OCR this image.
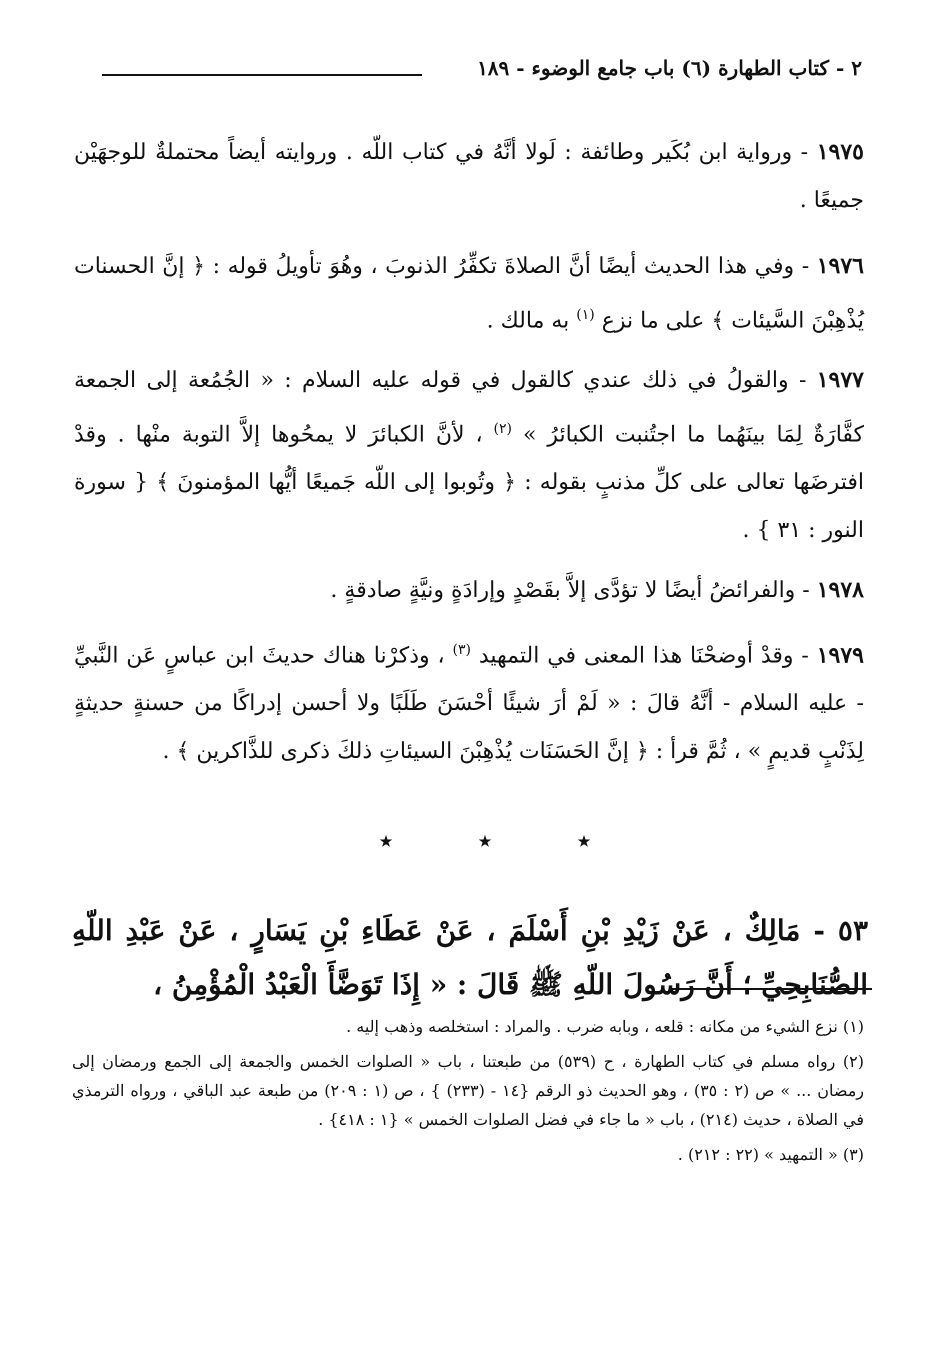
٢ - كتاب الطهارة (٦) باب جامع الوضوء - ١٨٩

١٩٧٥ - ورواية ابن بُكَير وطائفة : لَولا أنَّهُ في كتاب اللّه . وروايته أيضاً محتملةٌ للوجهَيْن جميعًا .

١٩٧٦ - وفي هذا الحديث أيضًا أنَّ الصلاةَ تكفِّرُ الذنوبَ ، وهُوَ تأويلُ قوله : ﴿ إنَّ الحسنات يُذْهِبْنَ السَّيئات ﴾ على ما نزع $^{(١)}$ به مالك .

١٩٧٧ - والقولُ في ذلك عندي كالقول في قوله عليه السلام : « الجُمُعة إلى الجمعة كفَّارَةٌ لِمَا بينَهُما ما اجتُنبت الكبائرُ » $^{(٢)}$ ، لأنَّ الكبائرَ لا يمحُوها إلاَّ التوبة منْها . وقدْ افترضَها تعالى على كلِّ مذنبٍ بقوله : ﴿ وتُوبوا إلى اللّه جَميعًا أيُّها المؤمنونَ ﴾ { سورة النور : ٣١ } .

١٩٧٨ - والفرائضُ أيضًا لا تؤدَّى إلاَّ بقَصْدٍ وإرادَةٍ ونيَّةٍ صادقةٍ .

١٩٧٩ - وقدْ أوضحْنَا هذا المعنى في التمهيد $^{(٣)}$ ، وذكرْنا هناك حديثَ ابن عباسٍ عَن النَّبيِّ - عليه السلام - أنَّهُ قالَ : « لَمْ أرَ شيئًا أحْسَنَ طَلَبًا ولا أحسن إدراكًا من حسنةٍ حديثةٍ لِذَنْبٍ قديمٍ » ، ثُمَّ قرأ : ﴿ إنَّ الحَسَنَات يُذْهِبْنَ السيئاتِ ذلكَ ذكرى للذَّاكرين ﴾ .

٭
٭
٭

٥٣ - مَالِكٌ ، عَنْ زَيْدِ بْنِ أَسْلَمَ ، عَنْ عَطَاءِ بْنِ يَسَارٍ ، عَنْ عَبْدِ اللّهِ الصُّنَابِحِيِّ ؛ أَنَّ رَسُولَ اللّهِ ﷺ قَالَ : « إِذَا تَوَضَّأَ الْعَبْدُ الْمُؤْمِنُ ،

(١) نزع الشيء من مكانه : قلعه ، وبابه ضرب . والمراد : استخلصه وذهب إليه .

(٢) رواه مسلم في كتاب الطهارة ، ح (٥٣٩) من طبعتنا ، باب « الصلوات الخمس والجمعة إلى الجمع ورمضان إلى رمضان ... » ص (٢ : ٣٥) ، وهو الحديث ذو الرقم {١٤ - (٢٣٣) } ، ص (١ : ٢٠٩) من طبعة عبد الباقي ، ورواه الترمذي في الصلاة ، حديث (٢١٤) ، باب « ما جاء في فضل الصلوات الخمس » {١ : ٤١٨} .

(٣) « التمهيد » (٢٢ : ٢١٢) .
